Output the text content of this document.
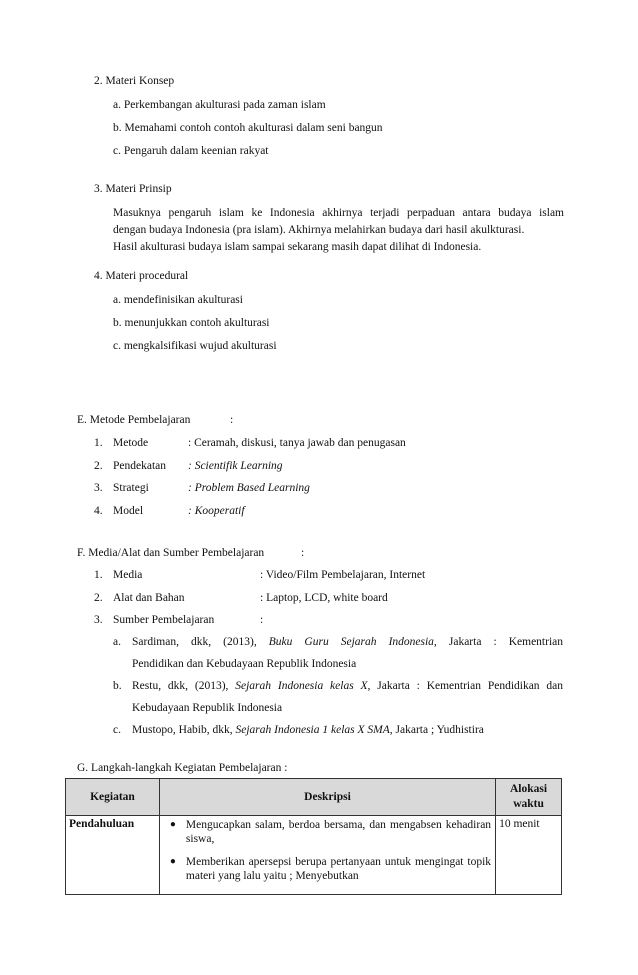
2. Materi Konsep
a. Perkembangan akulturasi pada zaman islam
b. Memahami contoh contoh akulturasi dalam seni bangun
c. Pengaruh dalam keenian rakyat
3. Materi Prinsip
Masuknya pengaruh islam ke Indonesia akhirnya terjadi perpaduan antara budaya islam
dengan budaya Indonesia (pra islam). Akhirnya melahirkan budaya dari hasil akulkturasi.
Hasil akulturasi budaya islam sampai sekarang masih dapat dilihat di Indonesia.
4. Materi procedural
a. mendefinisikan akulturasi
b. menunjukkan contoh akulturasi
c. mengkalsifikasi wujud akulturasi
E. Metode Pembelajaran	:
1. Metode	: Ceramah, diskusi, tanya jawab dan penugasan
2. Pendekatan : Scientifik Learning
3. Strategi	: Problem Based Learning
4. Model	: Kooperatif
F. Media/Alat dan Sumber Pembelajaran	:
1. Media	: Video/Film Pembelajaran, Internet
2. Alat dan Bahan	: Laptop, LCD, white board
3. Sumber Pembelajaran	:
a. Sardiman, dkk, (2013), Buku Guru Sejarah Indonesia, Jakarta : Kementrian
Pendidikan dan Kebudayaan Republik Indonesia
b. Restu, dkk, (2013), Sejarah Indonesia kelas X, Jakarta : Kementrian Pendidikan dan
Kebudayaan Republik Indonesia
c. Mustopo, Habib, dkk, Sejarah Indonesia 1 kelas X SMA, Jakarta ; Yudhistira
G. Langkah-langkah Kegiatan Pembelajaran :
Kegiatan	Deskripsi	Alokasi waktu
Pendahuluan	● Mengucapkan salam, berdoa bersama, dan mengabsen kehadiran siswa,
● Memberikan apersepsi berupa pertanyaan untuk mengingat topik materi yang lalu yaitu ; Menyebutkan	10 menit
